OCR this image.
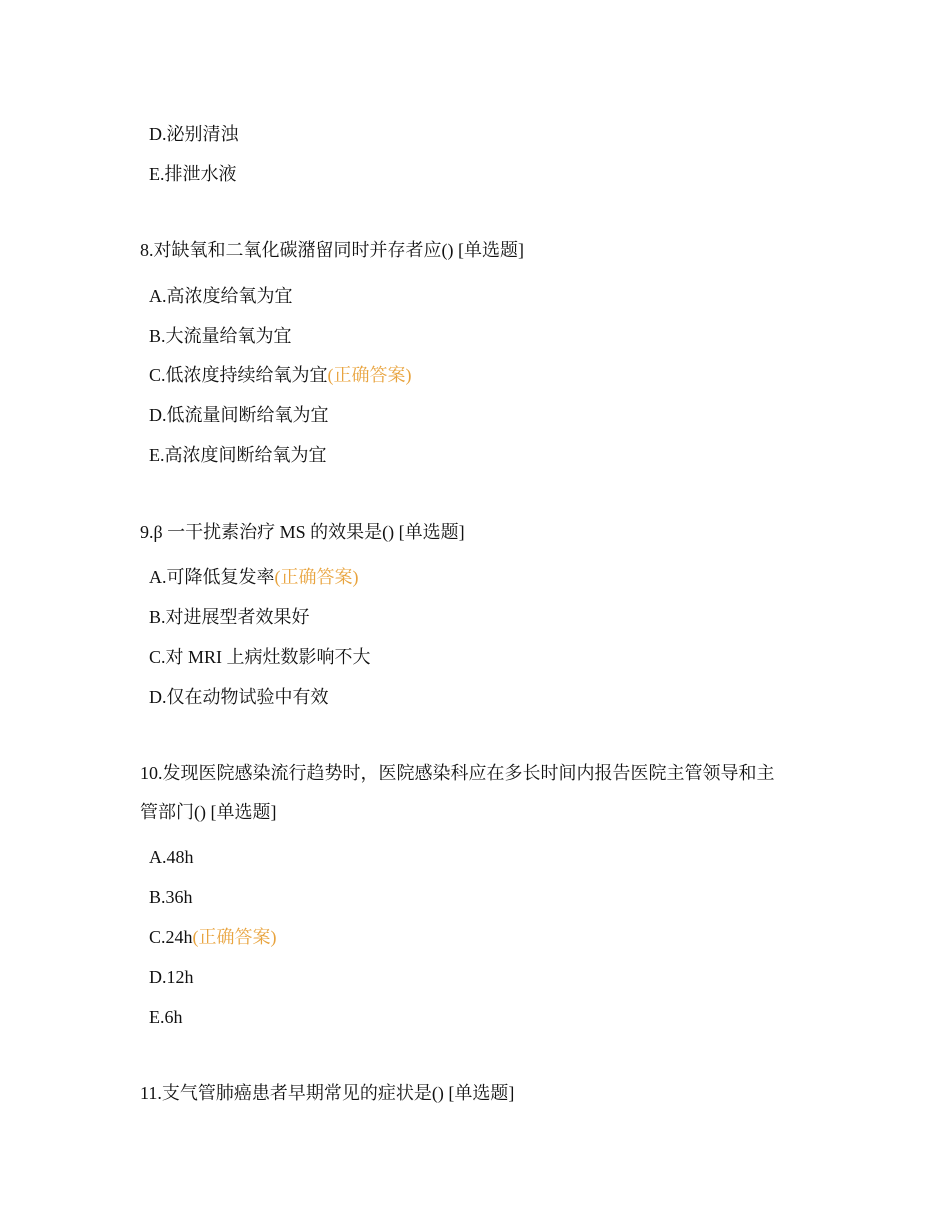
D.泌别清浊
E.排泄水液
8.对缺氧和二氧化碳潴留同时并存者应() [单选题]
A.高浓度给氧为宜
B.大流量给氧为宜
C.低浓度持续给氧为宜(正确答案)
D.低流量间断给氧为宜
E.高浓度间断给氧为宜
9.β 一干扰素治疗 MS 的效果是() [单选题]
A.可降低复发率(正确答案)
B.对进展型者效果好
C.对 MRI 上病灶数影响不大
D.仅在动物试验中有效
10.发现医院感染流行趋势时，医院感染科应在多长时间内报告医院主管领导和主
管部门() [单选题]
A.48h
B.36h
C.24h(正确答案)
D.12h
E.6h
11.支气管肺癌患者早期常见的症状是() [单选题]
